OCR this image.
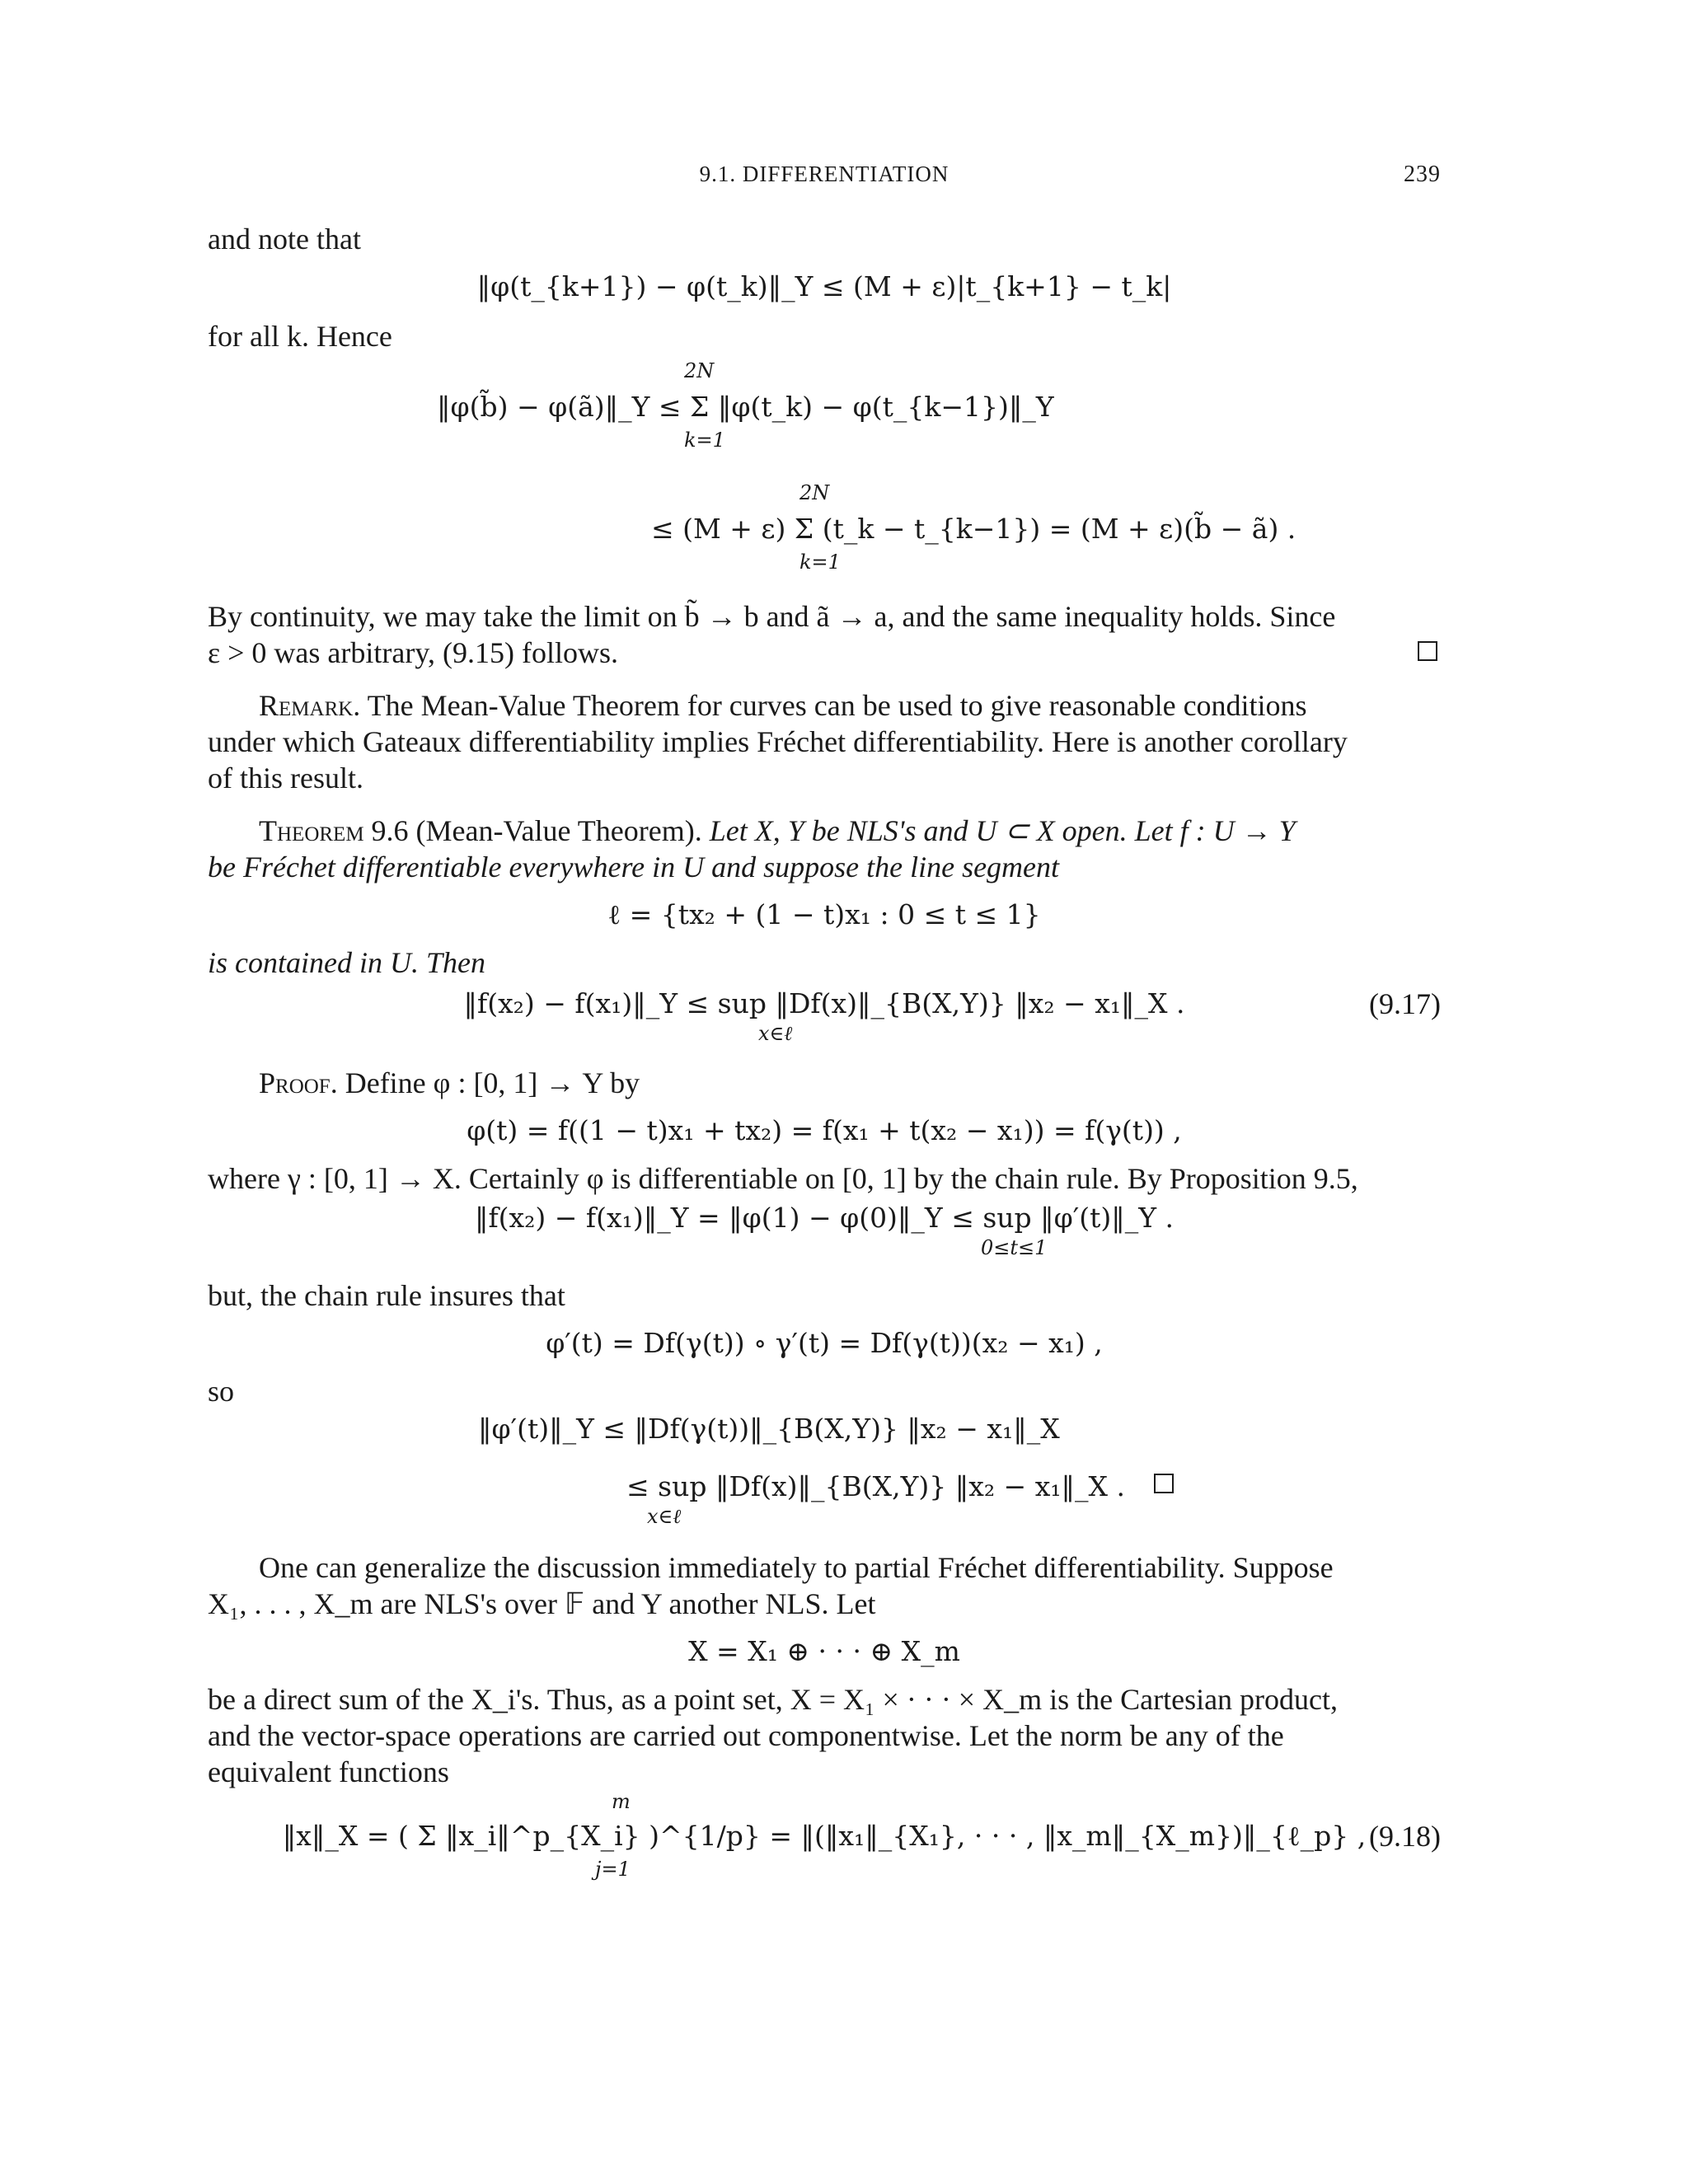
9.1. DIFFERENTIATION	239
and note that
‖φ(t_{k+1}) − φ(t_k)‖_Y ≤ (M + ε)|t_{k+1} − t_k|
for all k. Hence
2N
‖φ(b̃) − φ(ã)‖_Y ≤ Σ ‖φ(t_k) − φ(t_{k−1})‖_Y
k=1
2N
≤ (M + ε) Σ (t_k − t_{k−1}) = (M + ε)(b̃ − ã) .
k=1
By continuity, we may take the limit on b̃ → b and ã → a, and the same inequality holds. Since
ε > 0 was arbitrary, (9.15) follows.
Remark. The Mean-Value Theorem for curves can be used to give reasonable conditions
under which Gateaux differentiability implies Fréchet differentiability. Here is another corollary
of this result.
Theorem 9.6 (Mean-Value Theorem). Let X, Y be NLS's and U ⊂ X open. Let f : U → Y
be Fréchet differentiable everywhere in U and suppose the line segment
ℓ = {tx₂ + (1 − t)x₁ : 0 ≤ t ≤ 1}
is contained in U. Then
‖f(x₂) − f(x₁)‖_Y ≤ sup ‖Df(x)‖_{B(X,Y)} ‖x₂ − x₁‖_X .	(9.17)
x∈ℓ
Proof. Define φ : [0, 1] → Y by
φ(t) = f((1 − t)x₁ + tx₂) = f(x₁ + t(x₂ − x₁)) = f(γ(t)) ,
where γ : [0, 1] → X. Certainly φ is differentiable on [0, 1] by the chain rule. By Proposition 9.5,
‖f(x₂) − f(x₁)‖_Y = ‖φ(1) − φ(0)‖_Y ≤ sup ‖φ′(t)‖_Y .
0≤t≤1
but, the chain rule insures that
φ′(t) = Df(γ(t)) ∘ γ′(t) = Df(γ(t))(x₂ − x₁) ,
so
‖φ′(t)‖_Y ≤ ‖Df(γ(t))‖_{B(X,Y)} ‖x₂ − x₁‖_X
≤ sup ‖Df(x)‖_{B(X,Y)} ‖x₂ − x₁‖_X .
x∈ℓ
One can generalize the discussion immediately to partial Fréchet differentiability. Suppose
X₁, . . . , X_m are NLS's over 𝔽 and Y another NLS. Let
X = X₁ ⊕ · · · ⊕ X_m
be a direct sum of the X_i's. Thus, as a point set, X = X₁ × · · · × X_m is the Cartesian product,
and the vector-space operations are carried out componentwise. Let the norm be any of the
equivalent functions
m
‖x‖_X = ( Σ ‖x_i‖^p_{X_i} )^{1/p} = ‖(‖x₁‖_{X₁}, · · · , ‖x_m‖_{X_m})‖_{ℓ_p} , (9.18)
j=1
